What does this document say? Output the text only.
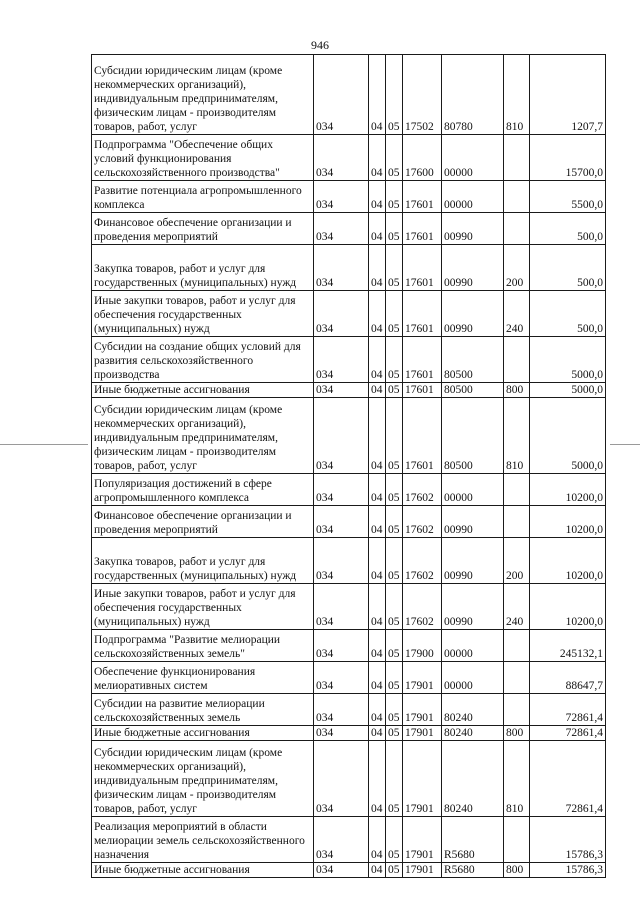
946
Субсидии юридическим лицам (кроме некоммерческих организаций), индивидуальным предпринимателям, физическим лицам - производителям товаров, работ, услуг	034	04	05	17502	80780	810	1207,7
Подпрограмма "Обеспечение общих условий функционирования сельскохозяйственного производства"	034	04	05	17600	00000		15700,0
Развитие потенциала агропромышленного комплекса	034	04	05	17601	00000		5500,0
Финансовое обеспечение организации и проведения мероприятий	034	04	05	17601	00990		500,0
Закупка товаров, работ и услуг для государственных (муниципальных) нужд	034	04	05	17601	00990	200	500,0
Иные закупки товаров, работ и услуг для обеспечения государственных (муниципальных) нужд	034	04	05	17601	00990	240	500,0
Субсидии на создание общих условий для развития сельскохозяйственного производства	034	04	05	17601	80500		5000,0
Иные бюджетные ассигнования	034	04	05	17601	80500	800	5000,0
Субсидии юридическим лицам (кроме некоммерческих организаций), индивидуальным предпринимателям, физическим лицам - производителям товаров, работ, услуг	034	04	05	17601	80500	810	5000,0
Популяризация достижений в сфере агропромышленного комплекса	034	04	05	17602	00000		10200,0
Финансовое обеспечение организации и проведения мероприятий	034	04	05	17602	00990		10200,0
Закупка товаров, работ и услуг для государственных (муниципальных) нужд	034	04	05	17602	00990	200	10200,0
Иные закупки товаров, работ и услуг для обеспечения государственных (муниципальных) нужд	034	04	05	17602	00990	240	10200,0
Подпрограмма "Развитие мелиорации сельскохозяйственных земель"	034	04	05	17900	00000		245132,1
Обеспечение функционирования мелиоративных систем	034	04	05	17901	00000		88647,7
Субсидии на развитие мелиорации сельскохозяйственных земель	034	04	05	17901	80240		72861,4
Иные бюджетные ассигнования	034	04	05	17901	80240	800	72861,4
Субсидии юридическим лицам (кроме некоммерческих организаций), индивидуальным предпринимателям, физическим лицам - производителям товаров, работ, услуг	034	04	05	17901	80240	810	72861,4
Реализация мероприятий в области мелиорации земель сельскохозяйственного назначения	034	04	05	17901	R5680		15786,3
Иные бюджетные ассигнования	034	04	05	17901	R5680	800	15786,3
